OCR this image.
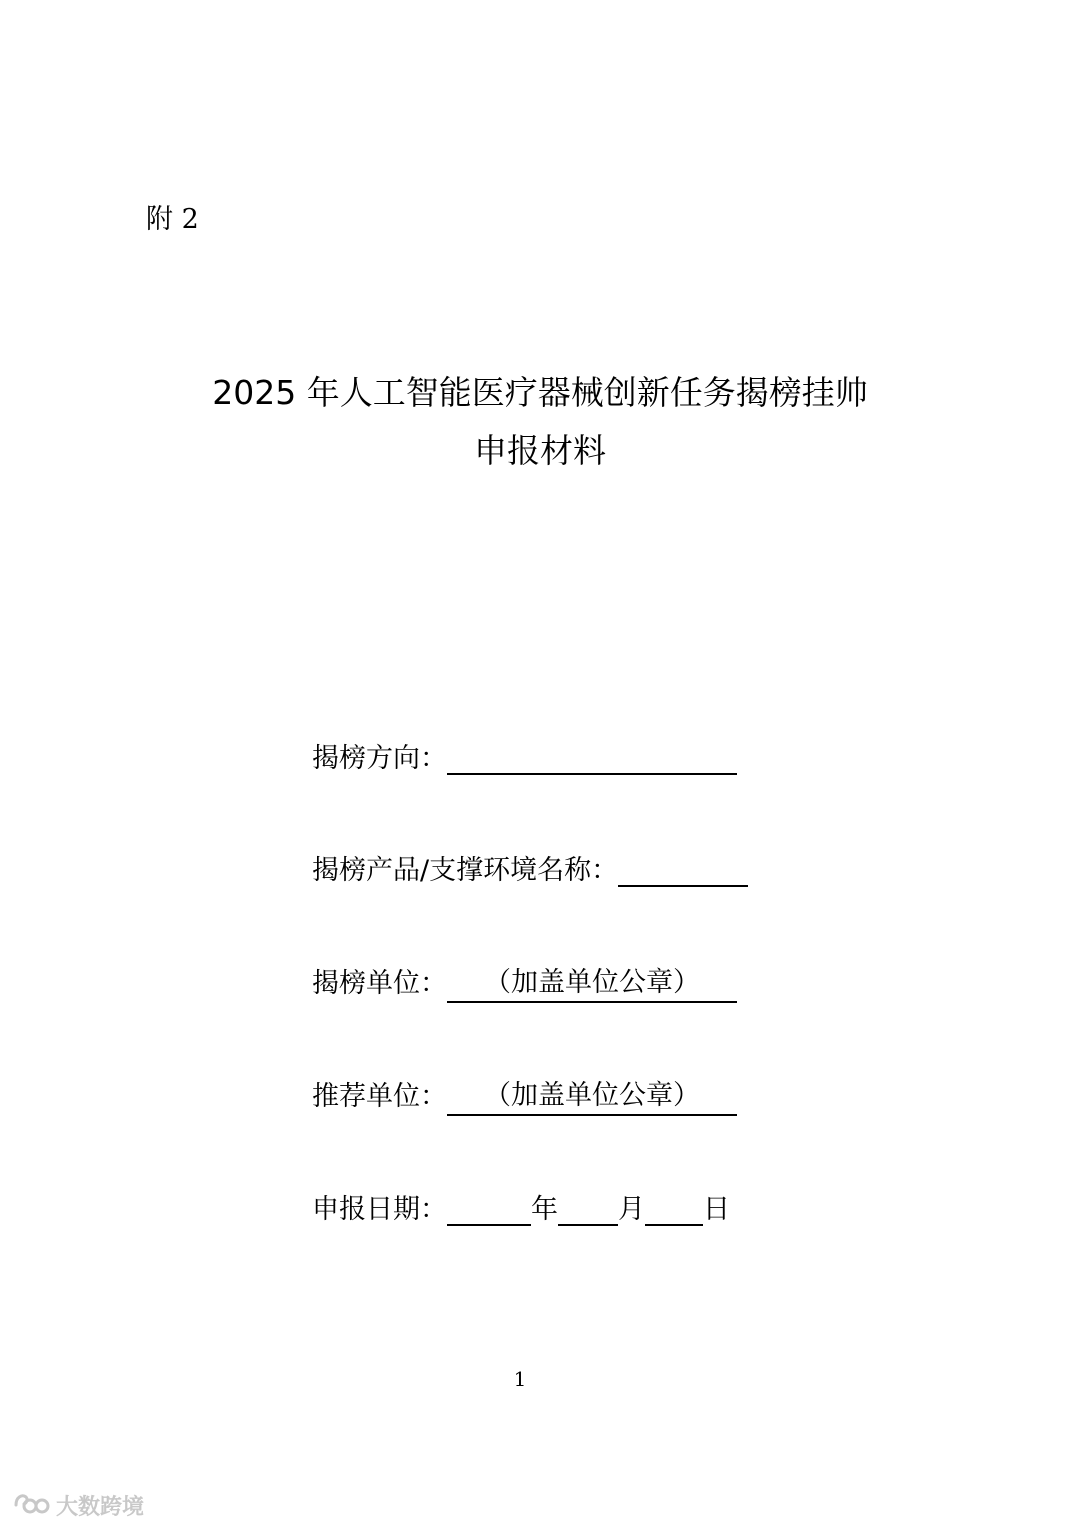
附 2
2025 年人工智能医疗器械创新任务揭榜挂帅
申报材料
揭榜方向：
揭榜产品/支撑环境名称：
揭榜单位：	（加盖单位公章）
推荐单位：	（加盖单位公章）
申报日期：	年 月 日
1
大数跨境
